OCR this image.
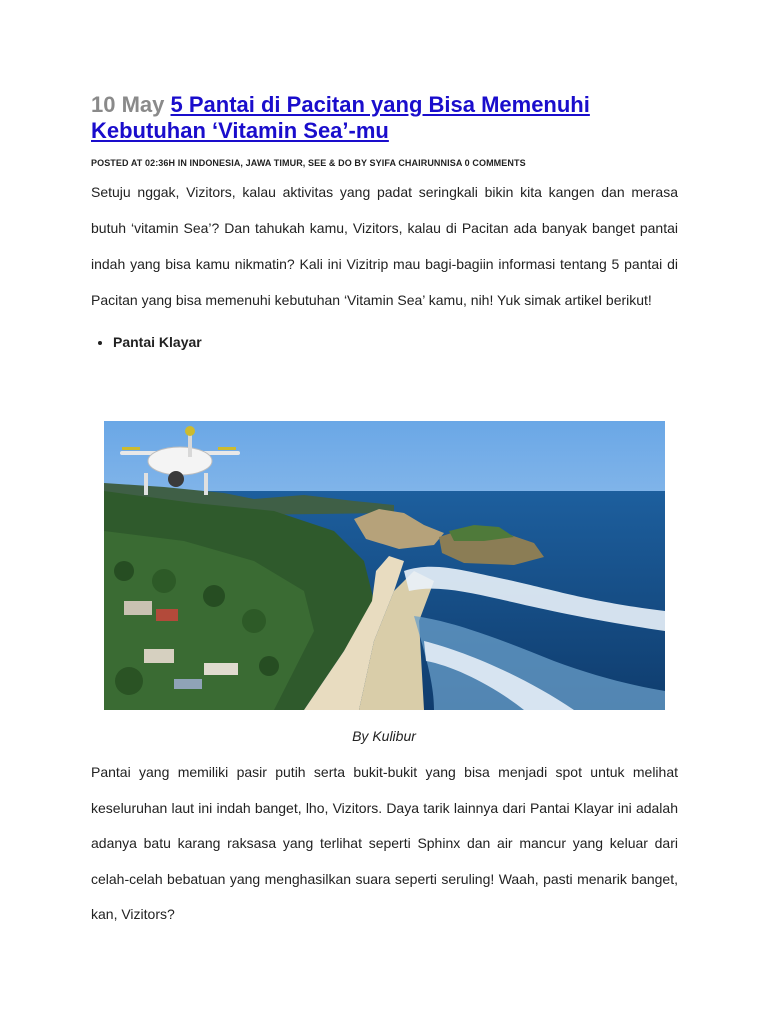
10 May 5 Pantai di Pacitan yang Bisa Memenuhi Kebutuhan ‘Vitamin Sea’-mu
POSTED AT 02:36H IN INDONESIA, JAWA TIMUR, SEE & DO BY SYIFA CHAIRUNNISA 0 COMMENTS

Setuju nggak, Vizitors, kalau aktivitas yang padat seringkali bikin kita kangen dan merasa butuh ‘vitamin Sea’? Dan tahukah kamu, Vizitors, kalau di Pacitan ada banyak banget pantai indah yang bisa kamu nikmatin? Kali ini Vizitrip mau bagi-bagiin informasi tentang 5 pantai di Pacitan yang bisa memenuhi kebutuhan ‘Vitamin Sea’ kamu, nih! Yuk simak artikel berikut!

• Pantai Klayar
By Kulibur

Pantai yang memiliki pasir putih serta bukit-bukit yang bisa menjadi spot untuk melihat keseluruhan laut ini indah banget, lho, Vizitors. Daya tarik lainnya dari Pantai Klayar ini adalah adanya batu karang raksasa yang terlihat seperti Sphinx dan air mancur yang keluar dari celah-celah bebatuan yang menghasilkan suara seperti seruling! Waah, pasti menarik banget, kan, Vizitors?
